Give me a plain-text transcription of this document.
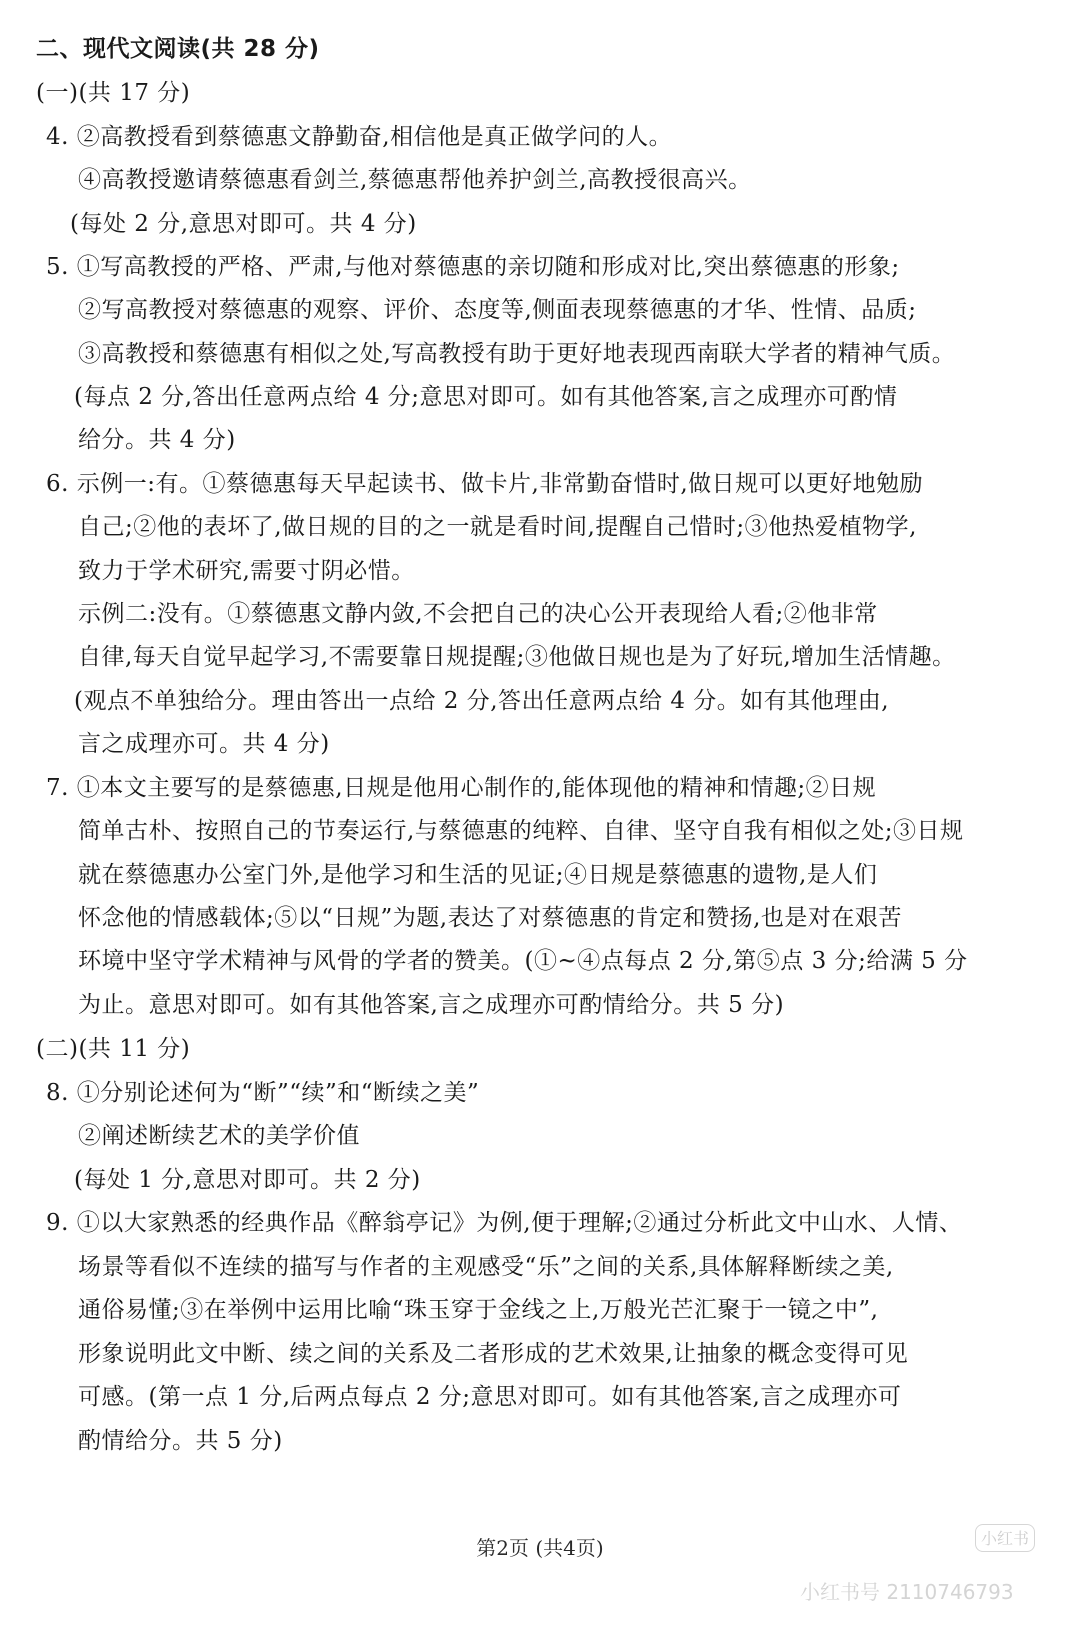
二、现代文阅读(共 28 分)
(一)(共 17 分)
4. ②高教授看到蔡德惠文静勤奋,相信他是真正做学问的人。
④高教授邀请蔡德惠看剑兰,蔡德惠帮他养护剑兰,高教授很高兴。
(每处 2 分,意思对即可。共 4 分)
5. ①写高教授的严格、严肃,与他对蔡德惠的亲切随和形成对比,突出蔡德惠的形象;
②写高教授对蔡德惠的观察、评价、态度等,侧面表现蔡德惠的才华、性情、品质;
③高教授和蔡德惠有相似之处,写高教授有助于更好地表现西南联大学者的精神气质。
(每点 2 分,答出任意两点给 4 分;意思对即可。如有其他答案,言之成理亦可酌情
给分。共 4 分)
6. 示例一:有。①蔡德惠每天早起读书、做卡片,非常勤奋惜时,做日规可以更好地勉励
自己;②他的表坏了,做日规的目的之一就是看时间,提醒自己惜时;③他热爱植物学,
致力于学术研究,需要寸阴必惜。
示例二:没有。①蔡德惠文静内敛,不会把自己的决心公开表现给人看;②他非常
自律,每天自觉早起学习,不需要靠日规提醒;③他做日规也是为了好玩,增加生活情趣。
(观点不单独给分。理由答出一点给 2 分,答出任意两点给 4 分。如有其他理由,
言之成理亦可。共 4 分)
7. ①本文主要写的是蔡德惠,日规是他用心制作的,能体现他的精神和情趣;②日规
简单古朴、按照自己的节奏运行,与蔡德惠的纯粹、自律、坚守自我有相似之处;③日规
就在蔡德惠办公室门外,是他学习和生活的见证;④日规是蔡德惠的遗物,是人们
怀念他的情感载体;⑤以“日规”为题,表达了对蔡德惠的肯定和赞扬,也是对在艰苦
环境中坚守学术精神与风骨的学者的赞美。(①~④点每点 2 分,第⑤点 3 分;给满 5 分
为止。意思对即可。如有其他答案,言之成理亦可酌情给分。共 5 分)
(二)(共 11 分)
8. ①分别论述何为“断”“续”和“断续之美”
②阐述断续艺术的美学价值
(每处 1 分,意思对即可。共 2 分)
9. ①以大家熟悉的经典作品《醉翁亭记》为例,便于理解;②通过分析此文中山水、人情、
场景等看似不连续的描写与作者的主观感受“乐”之间的关系,具体解释断续之美,
通俗易懂;③在举例中运用比喻“珠玉穿于金线之上,万般光芒汇聚于一镜之中”,
形象说明此文中断、续之间的关系及二者形成的艺术效果,让抽象的概念变得可见
可感。(第一点 1 分,后两点每点 2 分;意思对即可。如有其他答案,言之成理亦可
酌情给分。共 5 分)
第2页 (共4页)	小红书
小红书号 2110746793
